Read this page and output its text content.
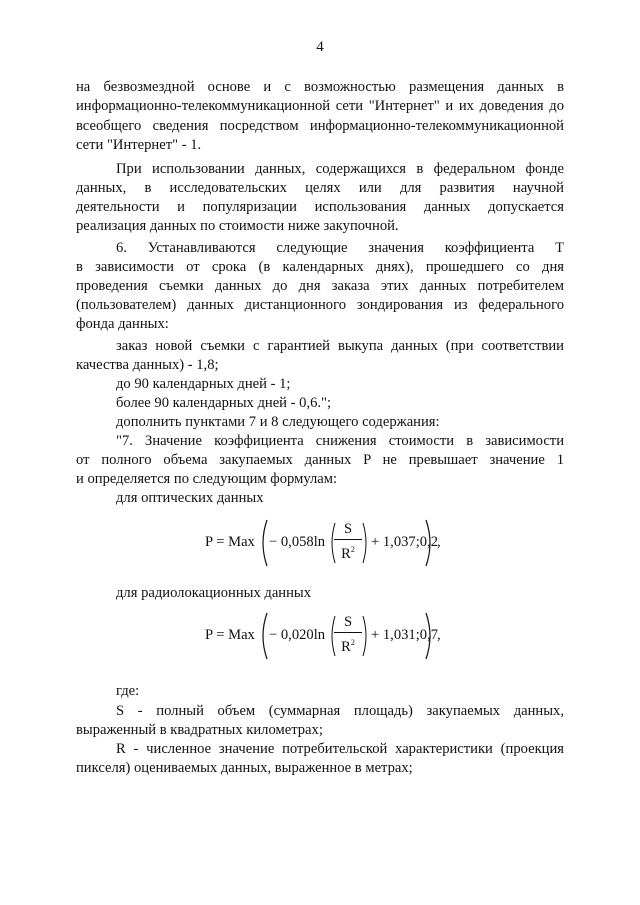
4
на безвозмездной основе и с возможностью размещения данных в
информационно-телекоммуникационной сети "Интернет" и их доведения до
всеобщего сведения посредством информационно-телекоммуникационной
сети "Интернет" - 1.
При использовании данных, содержащихся в федеральном фонде
данных, в исследовательских целях или для развития научной
деятельности и популяризации использования данных допускается
реализация данных по стоимости ниже закупочной.
6. Устанавливаются следующие значения коэффициента T
в зависимости от срока (в календарных днях), прошедшего со дня
проведения съемки данных до дня заказа этих данных потребителем
(пользователем) данных дистанционного зондирования из федерального
фонда данных:
заказ новой съемки с гарантией выкупа данных (при соответствии
качества данных) - 1,8;
до 90 календарных дней - 1;
более 90 календарных дней - 0,6.";
дополнить пунктами 7 и 8 следующего содержания:
"7. Значение коэффициента снижения стоимости в зависимости
от полного объема закупаемых данных P не превышает значение 1
и определяется по следующим формулам:
для оптических данных
P = Max − 0,058ln
S
$R^2$	+ 1,037;0,2
,
для радиолокационных данных
P = Max − 0,020ln
S
$R^2$	+ 1,031;0,7
,
где:
S - полный объем (суммарная площадь) закупаемых данных,
выраженный в квадратных километрах;
R - численное значение потребительской характеристики (проекция
пикселя) оцениваемых данных, выраженное в метрах;
